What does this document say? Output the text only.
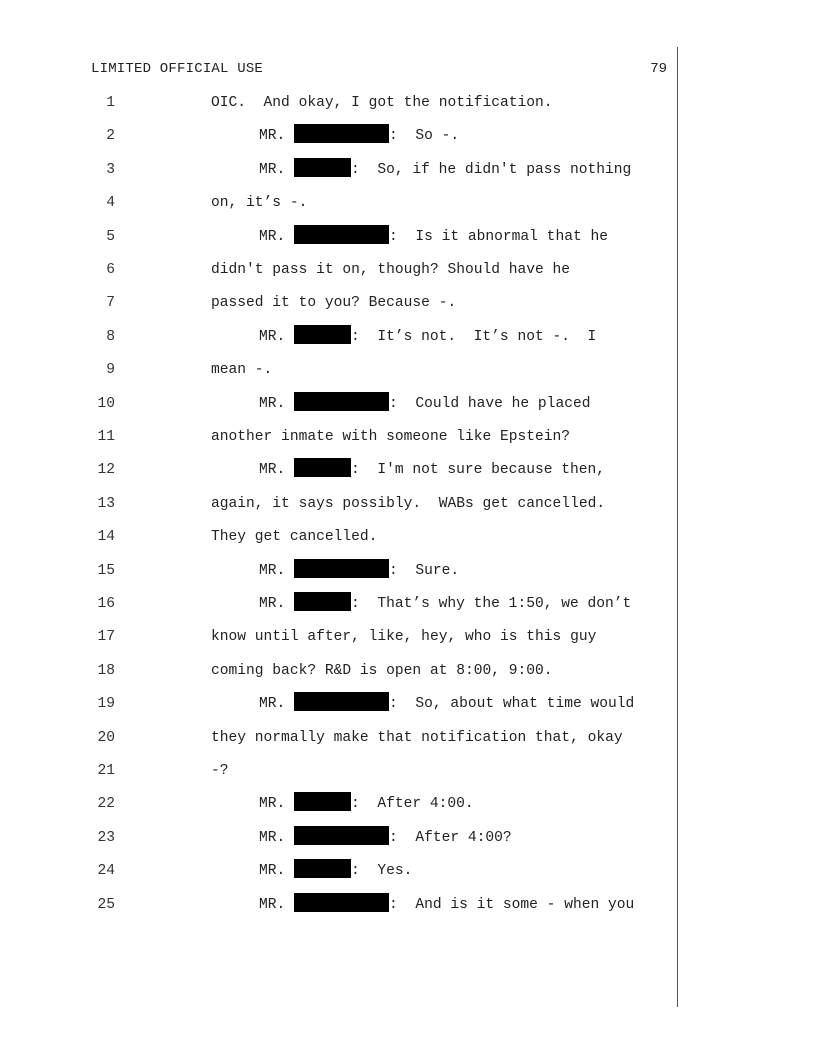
LIMITED OFFICIAL USE	79
1	OIC.  And okay, I got the notification.
2	MR.	:  So -.
3	MR.	:  So, if he didn't pass nothing
4	on, it’s -.
5	MR.	:  Is it abnormal that he
6	didn't pass it on, though? Should have he
7	passed it to you? Because -.
8	MR.	:  It’s not.  It’s not -.  I
9	mean -.
10	MR.	:  Could have he placed
11	another inmate with someone like Epstein?
12	MR.	:  I'm not sure because then,
13	again, it says possibly.  WABs get cancelled.
14	They get cancelled.
15	MR.	:  Sure.
16	MR.	:  That’s why the 1:50, we don’t
17	know until after, like, hey, who is this guy
18	coming back? R&D is open at 8:00, 9:00.
19	MR.	:  So, about what time would
20	they normally make that notification that, okay
21	-?
22	MR.	:  After 4:00.
23	MR.	:  After 4:00?
24	MR.	:  Yes.
25	MR.	:  And is it some - when you
